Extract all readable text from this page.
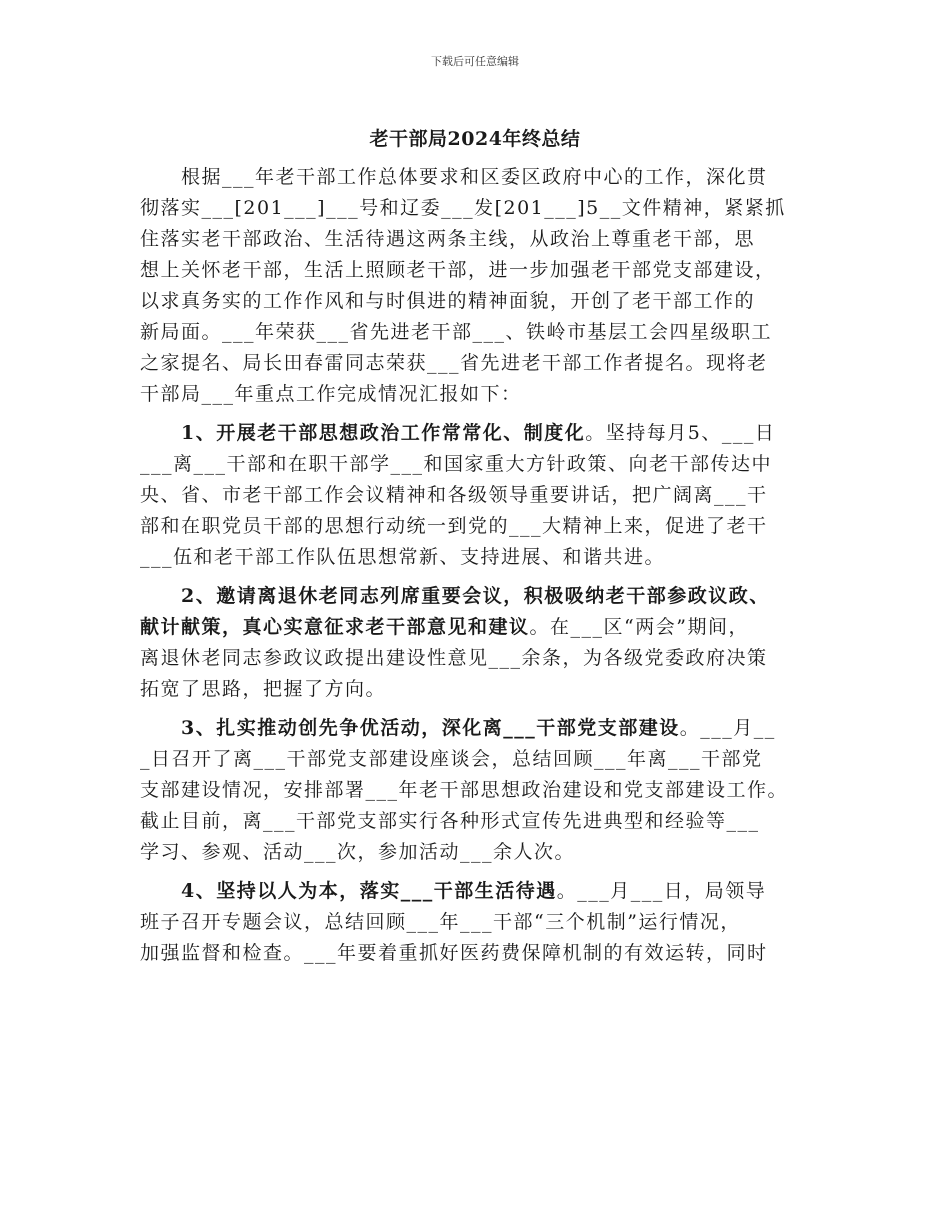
下载后可任意编辑
老干部局2024年终总结
根据___年老干部工作总体要求和区委区政府中心的工作，深化贯
彻落实___[201___]___号和辽委___发[201___]5__文件精神，紧紧抓
住落实老干部政治、生活待遇这两条主线，从政治上尊重老干部，思
想上关怀老干部，生活上照顾老干部，进一步加强老干部党支部建设，
以求真务实的工作作风和与时俱进的精神面貌，开创了老干部工作的
新局面。___年荣获___省先进老干部___、铁岭市基层工会四星级职工
之家提名、局长田春雷同志荣获___省先进老干部工作者提名。现将老
干部局___年重点工作完成情况汇报如下：
1、开展老干部思想政治工作常常化、制度化。坚持每月5、___日
___离___干部和在职干部学___和国家重大方针政策、向老干部传达中
央、省、市老干部工作会议精神和各级领导重要讲话，把广阔离___干
部和在职党员干部的思想行动统一到党的___大精神上来，促进了老干
___伍和老干部工作队伍思想常新、支持进展、和谐共进。
2、邀请离退休老同志列席重要会议，积极吸纳老干部参政议政、
献计献策，真心实意征求老干部意见和建议。在___区“两会”期间，
离退休老同志参政议政提出建设性意见___余条，为各级党委政府决策
拓宽了思路，把握了方向。
3、扎实推动创先争优活动，深化离___干部党支部建设。___月__
_日召开了离___干部党支部建设座谈会，总结回顾___年离___干部党
支部建设情况，安排部署___年老干部思想政治建设和党支部建设工作。
截止目前，离___干部党支部实行各种形式宣传先进典型和经验等___
学习、参观、活动___次，参加活动___余人次。
4、坚持以人为本，落实___干部生活待遇。___月___日，局领导
班子召开专题会议，总结回顾___年___干部“三个机制”运行情况，
加强监督和检查。___年要着重抓好医药费保障机制的有效运转，同时
